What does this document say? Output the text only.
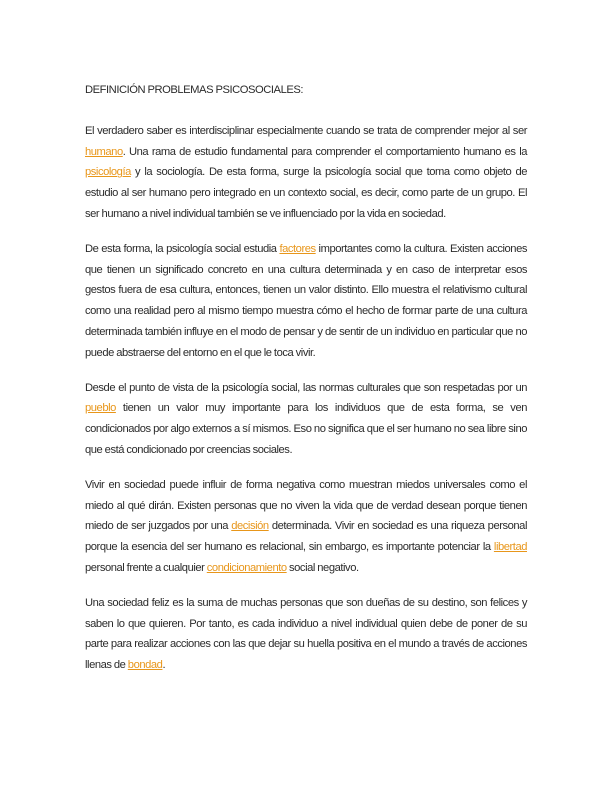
DEFINICIÓN PROBLEMAS PSICOSOCIALES:

El verdadero saber es interdisciplinar especialmente cuando se trata de comprender mejor al ser humano. Una rama de estudio fundamental para comprender el comportamiento humano es la psicología y la sociología. De esta forma, surge la psicología social que toma como objeto de estudio al ser humano pero integrado en un contexto social, es decir, como parte de un grupo. El ser humano a nivel individual también se ve influenciado por la vida en sociedad.

De esta forma, la psicología social estudia factores importantes como la cultura. Existen acciones que tienen un significado concreto en una cultura determinada y en caso de interpretar esos gestos fuera de esa cultura, entonces, tienen un valor distinto. Ello muestra el relativismo cultural como una realidad pero al mismo tiempo muestra cómo el hecho de formar parte de una cultura determinada también influye en el modo de pensar y de sentir de un individuo en particular que no puede abstraerse del entorno en el que le toca vivir.

Desde el punto de vista de la psicología social, las normas culturales que son respetadas por un pueblo tienen un valor muy importante para los individuos que de esta forma, se ven condicionados por algo externos a sí mismos. Eso no significa que el ser humano no sea libre sino que está condicionado por creencias sociales.

Vivir en sociedad puede influir de forma negativa como muestran miedos universales como el miedo al qué dirán. Existen personas que no viven la vida que de verdad desean porque tienen miedo de ser juzgados por una decisión determinada. Vivir en sociedad es una riqueza personal porque la esencia del ser humano es relacional, sin embargo, es importante potenciar la libertad personal frente a cualquier condicionamiento social negativo.

Una sociedad feliz es la suma de muchas personas que son dueñas de su destino, son felices y saben lo que quieren. Por tanto, es cada individuo a nivel individual quien debe de poner de su parte para realizar acciones con las que dejar su huella positiva en el mundo a través de acciones llenas de bondad.
